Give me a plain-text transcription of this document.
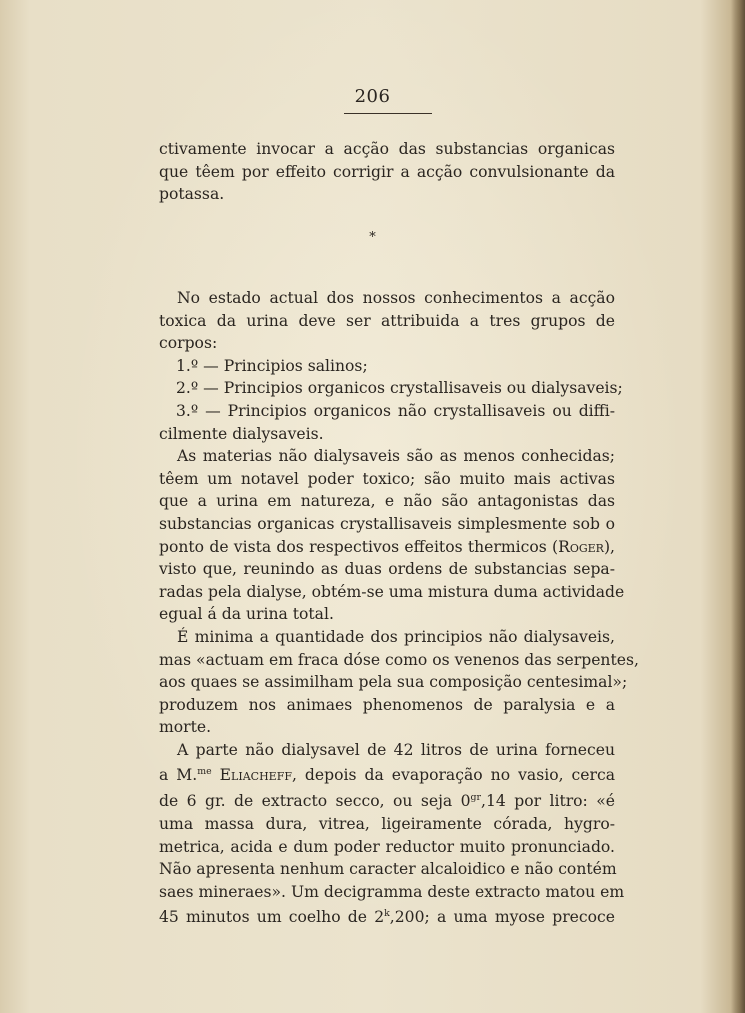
206
ctivamente invocar a acção das substancias organicas
que têem por effeito corrigir a acção convulsionante da
potassa.
*
No estado actual dos nossos conhecimentos a acção
toxica da urina deve ser attribuida a tres grupos de
corpos:
1.º — Principios salinos;
2.º — Principios organicos crystallisaveis ou dialysaveis;
3.º — Principios organicos não crystallisaveis ou diffi-
cilmente dialysaveis.
As materias não dialysaveis são as menos conhecidas;
têem um notavel poder toxico; são muito mais activas
que a urina em natureza, e não são antagonistas das
substancias organicas crystallisaveis simplesmente sob o
ponto de vista dos respectivos effeitos thermicos (Roger),
visto que, reunindo as duas ordens de substancias sepa-
radas pela dialyse, obtém-se uma mistura duma actividade
egual á da urina total.
É minima a quantidade dos principios não dialysaveis,
mas «actuam em fraca dóse como os venenos das serpentes,
aos quaes se assimilham pela sua composição centesimal»;
produzem nos animaes phenomenos de paralysia e a
morte.
A parte não dialysavel de 42 litros de urina forneceu
a M.$^{me}$ Eliacheff, depois da evaporação no vasio, cerca
de 6 gr. de extracto secco, ou seja $0^{gr},14$ por litro: «é
uma massa dura, vitrea, ligeiramente córada, hygro-
metrica, acida e dum poder reductor muito pronunciado.
Não apresenta nenhum caracter alcaloidico e não contém
saes mineraes». Um decigramma deste extracto matou em
45 minutos um coelho de 2$^k$,200; a uma myose precoce
